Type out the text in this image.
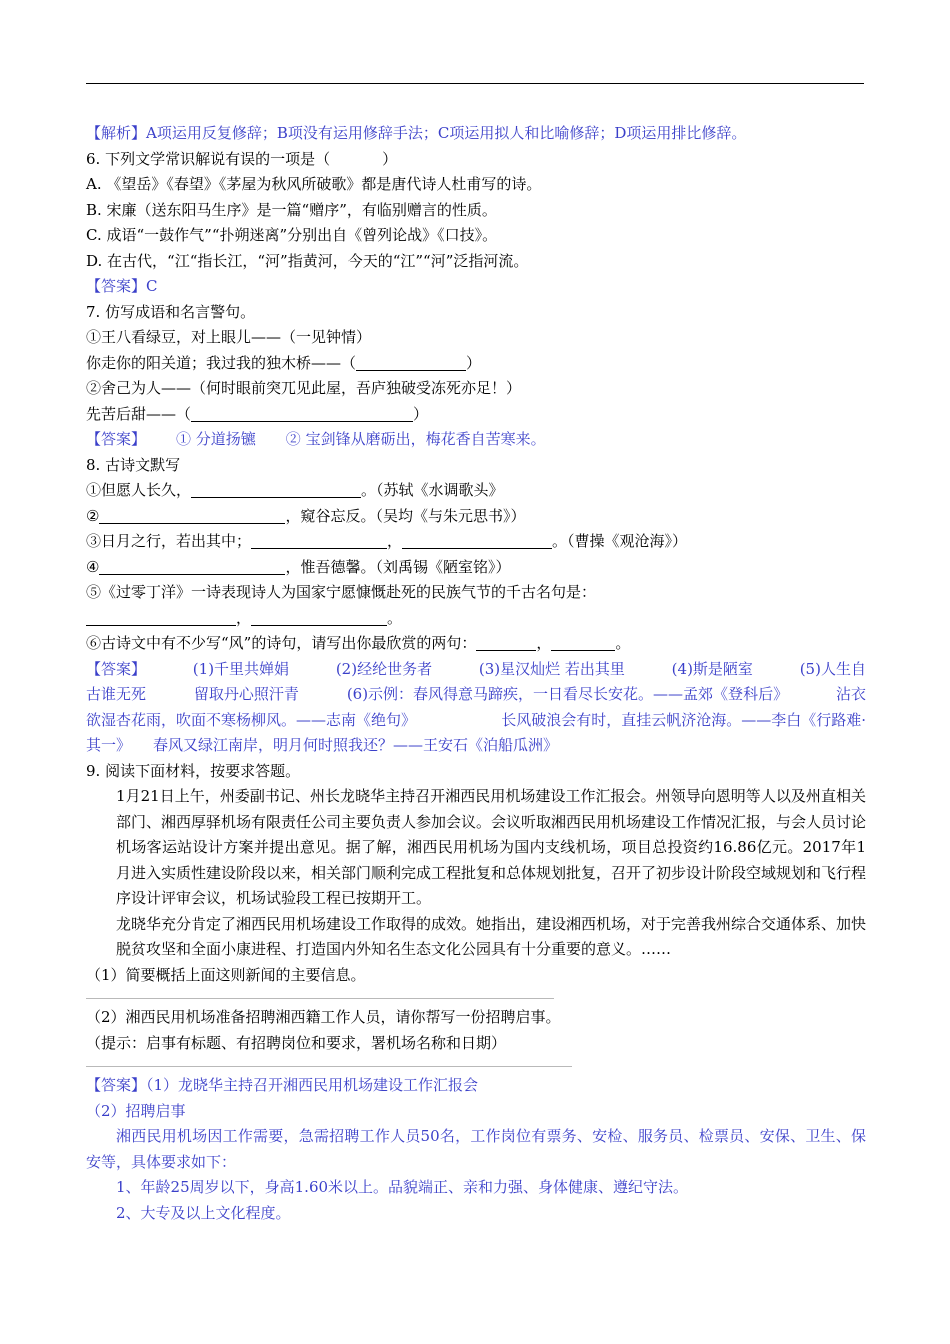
【解析】A项运用反复修辞；B项没有运用修辞手法；C项运用拟人和比喻修辞；D项运用排比修辞。
6. 下列文学常识解说有误的一项是（	）
A. 《望岳》《春望》《茅屋为秋风所破歌》都是唐代诗人杜甫写的诗。
B. 宋廉（送东阳马生序》是一篇“赠序”，有临别赠言的性质。
C. 成语“一鼓作气”“扑朔迷离”分别出自《曾列论战》《口技》。
D. 在古代，“江“指长江，“河”指黄河，今天的“江”“河”泛指河流。
【答案】C
7. 仿写成语和名言警句。
①王八看绿豆，对上眼儿——（一见钟情）
你走你的阳关道；我过我的独木桥——（	）
②舍己为人——（何时眼前突兀见此屋，吾庐独破受冻死亦足！）
先苦后甜——（	）
【答案】 ① 分道扬镳 ② 宝剑锋从磨砺出，梅花香自苦寒来。
8. 古诗文默写
①但愿人长久，	。（苏轼《水调歌头》
②	，窥谷忘反。（吴均《与朱元思书》）
③日月之行，若出其中；	，	。（曹操《观沧海》）
④	，惟吾德馨。（刘禹锡《陋室铭》）
⑤《过零丁洋》一诗表现诗人为国家宁愿慷慨赴死的民族气节的千古名句是：
，	。
⑥古诗文中有不少写“风”的诗句，请写出你最欣赏的两句：	，	。
【答案】	(1)千里共婵娟	(2)经纶世务者	(3)星汉灿烂 若出其里	(4)斯是陋室	(5)人生自
古谁无死	留取丹心照汗青	(6)示例：春风得意马蹄疾，一日看尽长安花。——孟郊《登科后》	沾衣
欲湿杏花雨，吹面不寒杨柳风。——志南《绝句》	长风破浪会有时，直挂云帆济沧海。——李白《行路难·
其一》 春风又绿江南岸，明月何时照我还？——王安石《泊船瓜洲》
9. 阅读下面材料，按要求答题。
1月21日上午，州委副书记、州长龙晓华主持召开湘西民用机场建设工作汇报会。州领导向恩明等人以及州直相关部门、湘西厚驿机场有限责任公司主要负责人参加会议。会议听取湘西民用机场建设工作情况汇报，与会人员讨论机场客运站设计方案并提出意见。据了解，湘西民用机场为国内支线机场，项目总投资约16.86亿元。2017年1月进入实质性建设阶段以来，相关部门顺利完成工程批复和总体规划批复，召开了初步设计阶段空域规划和飞行程序设计评审会议，机场试验段工程已按期开工。
龙晓华充分肯定了湘西民用机场建设工作取得的成效。她指出，建设湘西机场，对于完善我州综合交通体系、加快脱贫攻坚和全面小康进程、打造国内外知名生态文化公园具有十分重要的意义。……
（1）简要概括上面这则新闻的主要信息。
（2）湘西民用机场准备招聘湘西籍工作人员，请你帮写一份招聘启事。
（提示：启事有标题、有招聘岗位和要求，署机场名称和日期）
【答案】（1）龙晓华主持召开湘西民用机场建设工作汇报会
（2）招聘启事
湘西民用机场因工作需要，急需招聘工作人员50名，工作岗位有票务、安检、服务员、检票员、安保、卫生、保安等，具体要求如下：
1、年龄25周岁以下，身高1.60米以上。品貌端正、亲和力强、身体健康、遵纪守法。
2、大专及以上文化程度。
